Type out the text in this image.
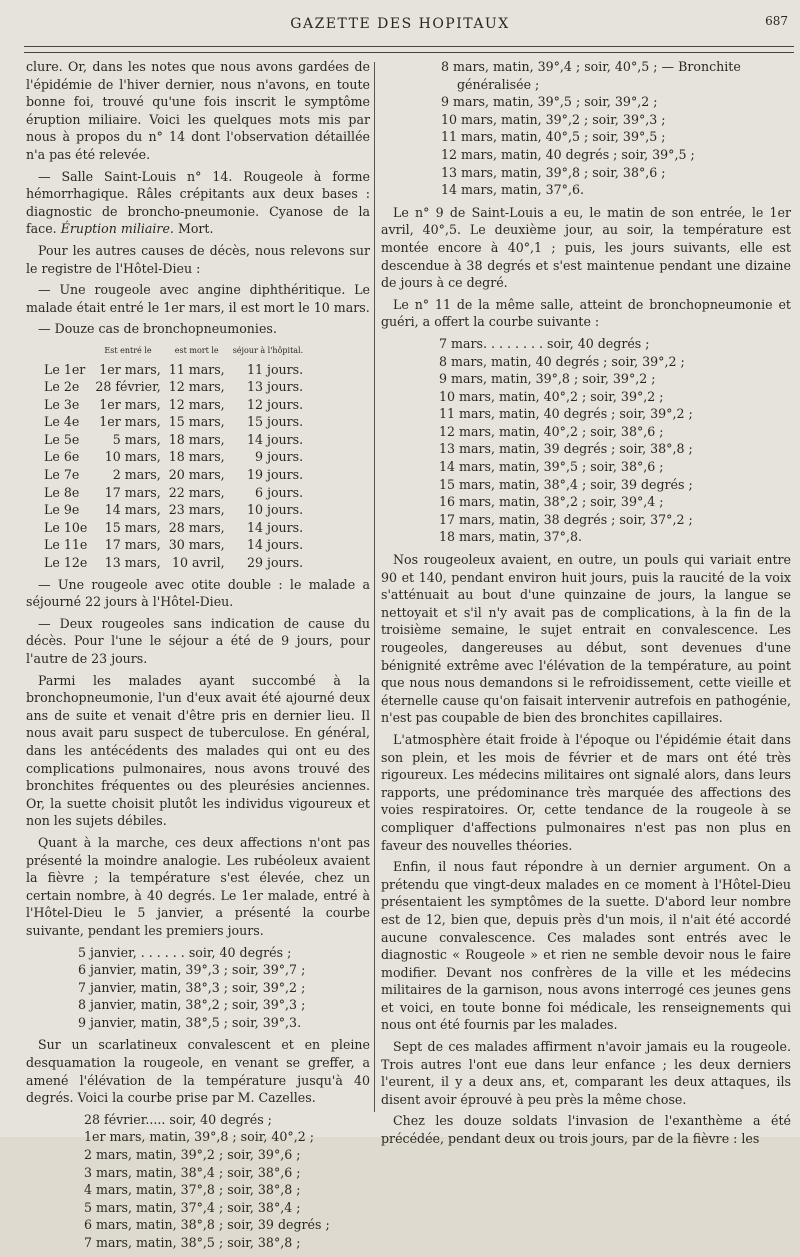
GAZETTE DES HOPITAUX	687

clure. Or, dans les notes que nous avons gardées de l'épidémie de l'hiver dernier, nous n'avons, en toute bonne foi, trouvé qu'une fois inscrit le symptôme éruption miliaire. Voici les quelques mots mis par nous à propos du n° 14 dont l'observation détaillée n'a pas été relevée.

— Salle Saint-Louis n° 14. Rougeole à forme hémorrhagique. Râles crépitants aux deux bases : diagnostic de broncho-pneumonie. Cyanose de la face. Éruption miliaire. Mort.

Pour les autres causes de décès, nous relevons sur le registre de l'Hôtel-Dieu :

— Une rougeole avec angine diphthéritique. Le malade était entré le 1er mars, il est mort le 10 mars.

— Douze cas de bronchopneumonies.

	Est entré le	est mort le	séjour à l'hôpital.
Le 1er	1er mars,	11 mars,	11 jours.
Le 2e	28 février,	12 mars,	13 jours.
Le 3e	1er mars,	12 mars,	12 jours.
Le 4e	1er mars,	15 mars,	15 jours.
Le 5e	5 mars,	18 mars,	14 jours.
Le 6e	10 mars,	18 mars,	9 jours.
Le 7e	2 mars,	20 mars,	19 jours.
Le 8e	17 mars,	22 mars,	6 jours.
Le 9e	14 mars,	23 mars,	10 jours.
Le 10e	15 mars,	28 mars,	14 jours.
Le 11e	17 mars,	30 mars,	14 jours.
Le 12e	13 mars,	10 avril,	29 jours.

— Une rougeole avec otite double : le malade a séjourné 22 jours à l'Hôtel-Dieu.

— Deux rougeoles sans indication de cause du décès. Pour l'une le séjour a été de 9 jours, pour l'autre de 23 jours.

Parmi les malades ayant succombé à la bronchopneumonie, l'un d'eux avait été ajourné deux ans de suite et venait d'être pris en dernier lieu. Il nous avait paru suspect de tuberculose. En général, dans les antécédents des malades qui ont eu des complications pulmonaires, nous avons trouvé des bronchites fréquentes ou des pleurésies anciennes. Or, la suette choisit plutôt les individus vigoureux et non les sujets débiles.

Quant à la marche, ces deux affections n'ont pas présenté la moindre analogie. Les rubéoleux avaient la fièvre ; la température s'est élevée, chez un certain nombre, à 40 degrés. Le 1er malade, entré à l'Hôtel-Dieu le 5 janvier, a présenté la courbe suivante, pendant les premiers jours.

5 janvier, . . . . . . soir, 40 degrés ;
6 janvier, matin, 39°,3 ; soir, 39°,7 ;
7 janvier, matin, 38°,3 ; soir, 39°,2 ;
8 janvier, matin, 38°,2 ; soir, 39°,3 ;
9 janvier, matin, 38°,5 ; soir, 39°,3.

Sur un scarlatineux convalescent et en pleine desquamation la rougeole, en venant se greffer, a amené l'élévation de la température jusqu'à 40 degrés. Voici la courbe prise par M. Cazelles.

28 février..... soir, 40 degrés ;
1er mars, matin, 39°,8 ; soir, 40°,2 ;
2 mars, matin, 39°,2 ; soir, 39°,6 ;
3 mars, matin, 38°,4 ; soir, 38°,6 ;
4 mars, matin, 37°,8 ; soir, 38°,8 ;
5 mars, matin, 37°,4 ; soir, 38°,4 ;
6 mars, matin, 38°,8 ; soir, 39 degrés ;
7 mars, matin, 38°,5 ; soir, 38°,8 ;
8 mars, matin, 39°,4 ; soir, 40°,5 ; — Bronchite généralisée ;
9 mars, matin, 39°,5 ; soir, 39°,2 ;
10 mars, matin, 39°,2 ; soir, 39°,3 ;
11 mars, matin, 40°,5 ; soir, 39°,5 ;
12 mars, matin, 40 degrés ; soir, 39°,5 ;
13 mars, matin, 39°,8 ; soir, 38°,6 ;
14 mars, matin, 37°,6.

Le n° 9 de Saint-Louis a eu, le matin de son entrée, le 1er avril, 40°,5. Le deuxième jour, au soir, la température est montée encore à 40°,1 ; puis, les jours suivants, elle est descendue à 38 degrés et s'est maintenue pendant une dizaine de jours à ce degré.

Le n° 11 de la même salle, atteint de bronchopneumonie et guéri, a offert la courbe suivante :

7 mars. . . . . . . . soir, 40 degrés ;
8 mars, matin, 40 degrés ; soir, 39°,2 ;
9 mars, matin, 39°,8 ; soir, 39°,2 ;
10 mars, matin, 40°,2 ; soir, 39°,2 ;
11 mars, matin, 40 degrés ; soir, 39°,2 ;
12 mars, matin, 40°,2 ; soir, 38°,6 ;
13 mars, matin, 39 degrés ; soir, 38°,8 ;
14 mars, matin, 39°,5 ; soir, 38°,6 ;
15 mars, matin, 38°,4 ; soir, 39 degrés ;
16 mars, matin, 38°,2 ; soir, 39°,4 ;
17 mars, matin, 38 degrés ; soir, 37°,2 ;
18 mars, matin, 37°,8.

Nos rougeoleux avaient, en outre, un pouls qui variait entre 90 et 140, pendant environ huit jours, puis la raucité de la voix s'atténuait au bout d'une quinzaine de jours, la langue se nettoyait et s'il n'y avait pas de complications, à la fin de la troisième semaine, le sujet entrait en convalescence. Les rougeoles, dangereuses au début, sont devenues d'une bénignité extrême avec l'élévation de la température, au point que nous nous demandons si le refroidissement, cette vieille et éternelle cause qu'on faisait intervenir autrefois en pathogénie, n'est pas coupable de bien des bronchites capillaires.

L'atmosphère était froide à l'époque ou l'épidémie était dans son plein, et les mois de février et de mars ont été très rigoureux. Les médecins militaires ont signalé alors, dans leurs rapports, une prédominance très marquée des affections des voies respiratoires. Or, cette tendance de la rougeole à se compliquer d'affections pulmonaires n'est pas non plus en faveur des nouvelles théories.

Enfin, il nous faut répondre à un dernier argument. On a prétendu que vingt-deux malades en ce moment à l'Hôtel-Dieu présentaient les symptômes de la suette. D'abord leur nombre est de 12, bien que, depuis près d'un mois, il n'ait été accordé aucune convalescence. Ces malades sont entrés avec le diagnostic « Rougeole » et rien ne semble devoir nous le faire modifier. Devant nos confrères de la ville et les médecins militaires de la garnison, nous avons interrogé ces jeunes gens et voici, en toute bonne foi médicale, les renseignements qui nous ont été fournis par les malades.

Sept de ces malades affirment n'avoir jamais eu la rougeole. Trois autres l'ont eue dans leur enfance ; les deux derniers l'eurent, il y a deux ans, et, comparant les deux attaques, ils disent avoir éprouvé à peu près la même chose.

Chez les douze soldats l'invasion de l'exanthème a été précédée, pendant deux ou trois jours, par de la fièvre : les
